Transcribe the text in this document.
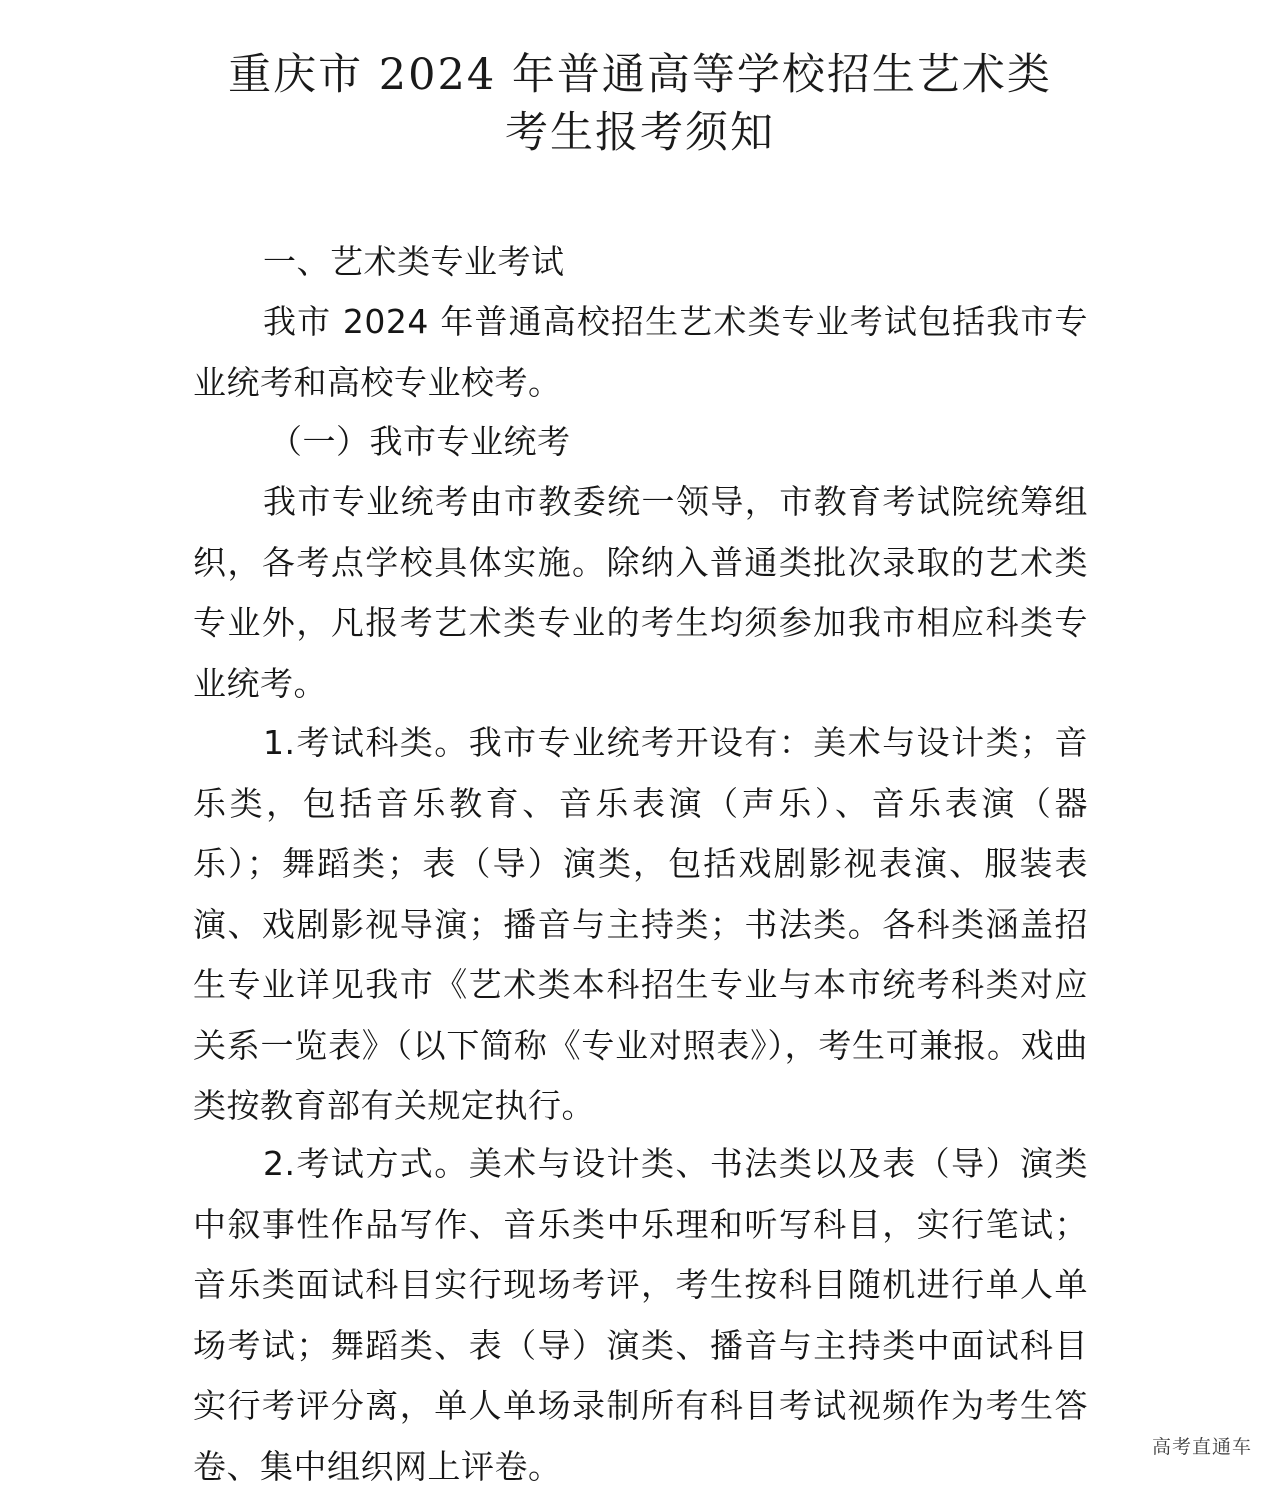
重庆市 2024 年普通高等学校招生艺术类
考生报考须知

一、艺术类专业考试

我市 2024 年普通高校招生艺术类专业考试包括我市专业统考和高校专业校考。

（一）我市专业统考

我市专业统考由市教委统一领导，市教育考试院统筹组织，各考点学校具体实施。除纳入普通类批次录取的艺术类专业外，凡报考艺术类专业的考生均须参加我市相应科类专业统考。

1.考试科类。我市专业统考开设有：美术与设计类；音乐类，包括音乐教育、音乐表演（声乐）、音乐表演（器乐）；舞蹈类；表（导）演类，包括戏剧影视表演、服装表演、戏剧影视导演；播音与主持类；书法类。各科类涵盖招生专业详见我市《艺术类本科招生专业与本市统考科类对应关系一览表》（以下简称《专业对照表》），考生可兼报。戏曲类按教育部有关规定执行。

2.考试方式。美术与设计类、书法类以及表（导）演类中叙事性作品写作、音乐类中乐理和听写科目，实行笔试；音乐类面试科目实行现场考评，考生按科目随机进行单人单场考试；舞蹈类、表（导）演类、播音与主持类中面试科目实行考评分离，单人单场录制所有科目考试视频作为考生答卷、集中组织网上评卷。	高考直通车
